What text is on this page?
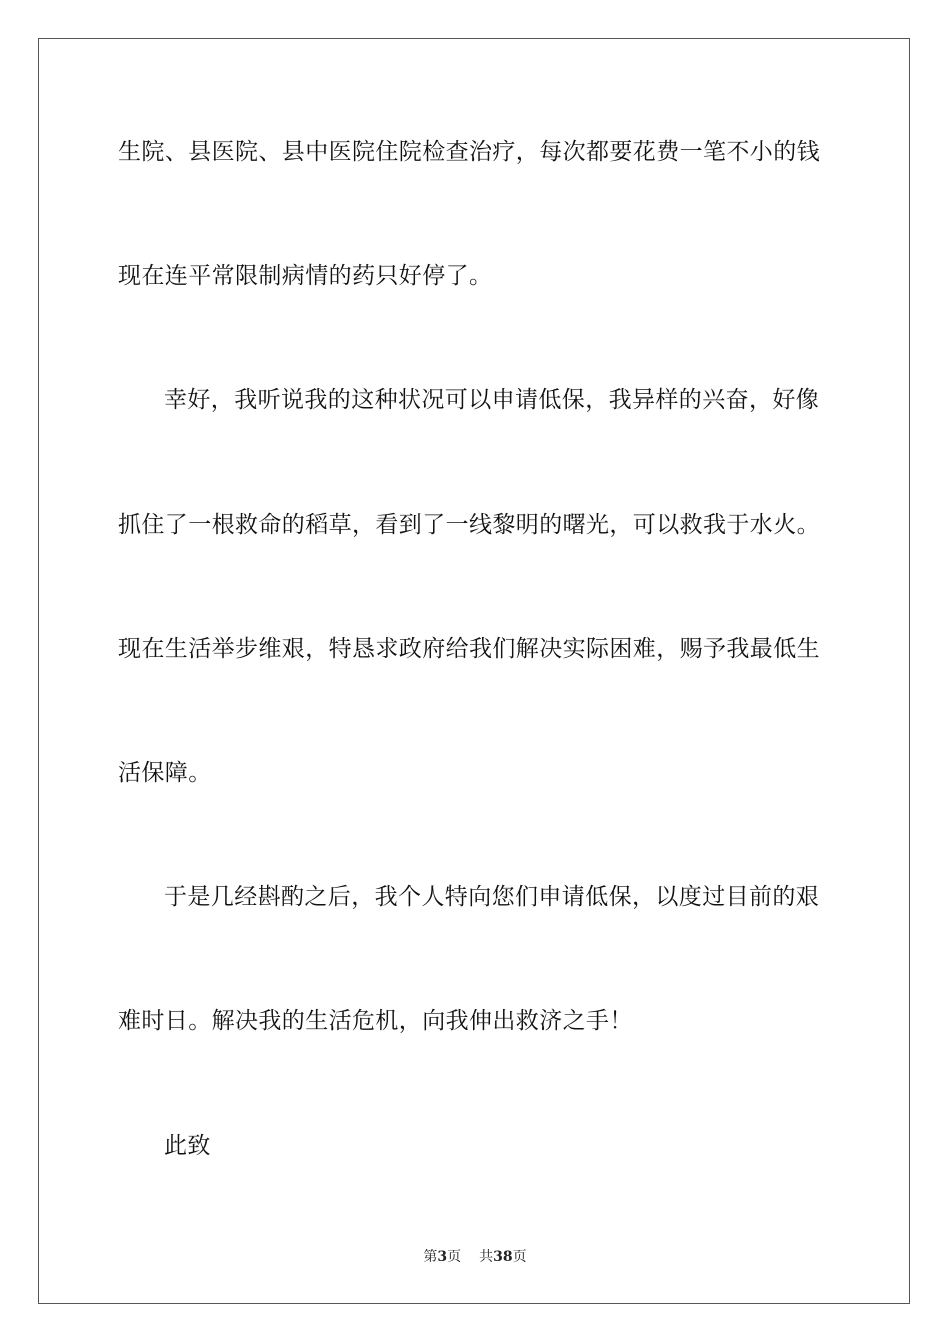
生院、县医院、县中医院住院检查治疗，每次都要花费一笔不小的钱
现在连平常限制病情的药只好停了。
幸好，我听说我的这种状况可以申请低保，我异样的兴奋，好像
抓住了一根救命的稻草，看到了一线黎明的曙光，可以救我于水火。
现在生活举步维艰，特恳求政府给我们解决实际困难，赐予我最低生
活保障。
于是几经斟酌之后，我个人特向您们申请低保，以度过目前的艰
难时日。解决我的生活危机，向我伸出救济之手！
此致
第3页 共38页
